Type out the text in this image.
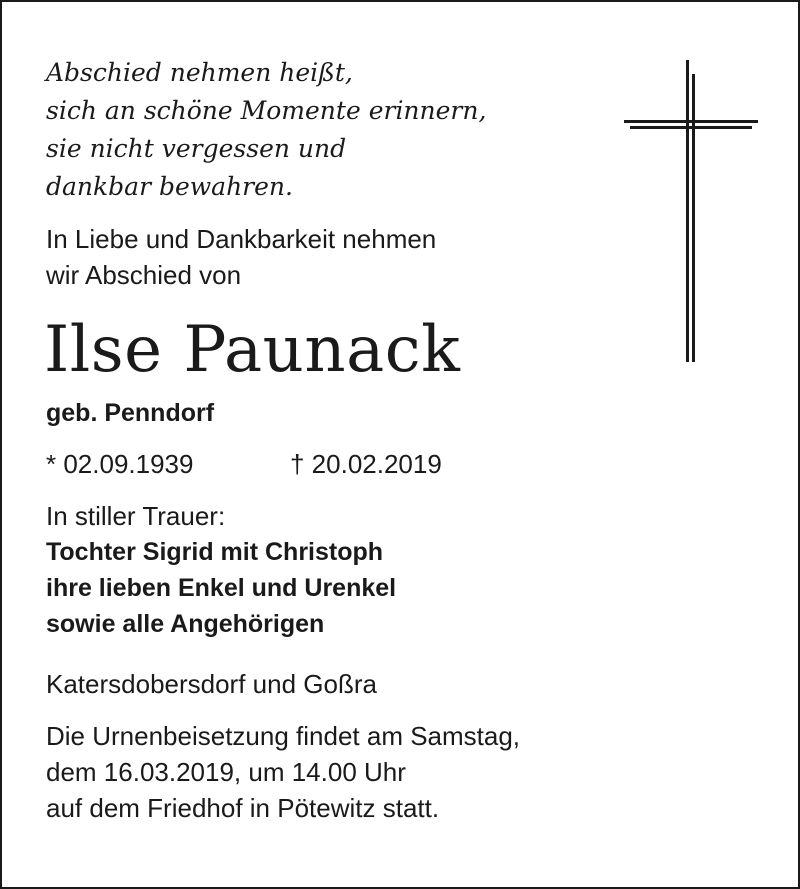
Abschied nehmen heißt,
sich an schöne Momente erinnern,
sie nicht vergessen und
dankbar bewahren.
In Liebe und Dankbarkeit nehmen
wir Abschied von
Ilse Paunack
geb. Penndorf
* 02.09.1939	† 20.02.2019
In stiller Trauer:
Tochter Sigrid mit Christoph
ihre lieben Enkel und Urenkel
sowie alle Angehörigen
Katersdobersdorf und Goßra
Die Urnenbeisetzung findet am Samstag,
dem 16.03.2019, um 14.00 Uhr
auf dem Friedhof in Pötewitz statt.
